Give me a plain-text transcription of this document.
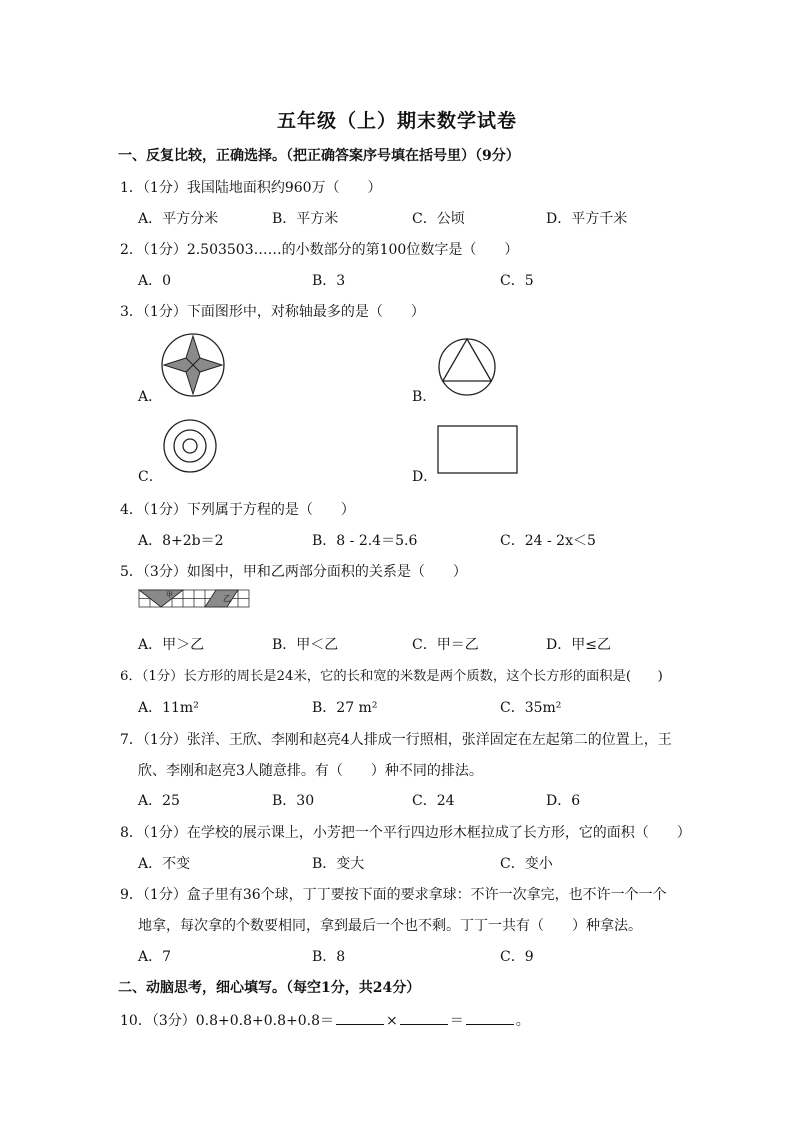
五年级（上）期末数学试卷
一、反复比较，正确选择。（把正确答案序号填在括号里）（9分）
1．（1分）我国陆地面积约960万（　　）
A．平方分米	B．平方米	C．公顷	D．平方千米
2．（1分）2.503503……的小数部分的第100位数字是（　　）
A．0	B．3	C．5
3．（1分）下面图形中，对称轴最多的是（　　）
A．	B．
C．	D．
4．（1分）下列属于方程的是（　　）
A．8+2b＝2	B．8 - 2.4＝5.6	C．24 - 2x＜5
5．（3分）如图中，甲和乙两部分面积的关系是（　　）
甲	乙
A．甲＞乙	B．甲＜乙	C．甲＝乙	D．甲≤乙
6．（1分）长方形的周长是24米，它的长和宽的米数是两个质数，这个长方形的面积是(　　)
A．11m²	B．27 m²	C．35m²
7．（1分）张洋、王欣、李刚和赵亮4人排成一行照相，张洋固定在左起第二的位置上，王
欣、李刚和赵亮3人随意排。有（　　）种不同的排法。
A．25	B．30	C．24	D．6
8．（1分）在学校的展示课上，小芳把一个平行四边形木框拉成了长方形，它的面积（　　）
A．不变	B．变大	C．变小
9．（1分）盒子里有36个球，丁丁要按下面的要求拿球：不许一次拿完，也不许一个一个
地拿，每次拿的个数要相同，拿到最后一个也不剩。丁丁一共有（　　）种拿法。
A．7	B．8	C．9
二、动脑思考，细心填写。（每空1分，共24分）
10．（3分）0.8+0.8+0.8+0.8＝	×	＝	。
